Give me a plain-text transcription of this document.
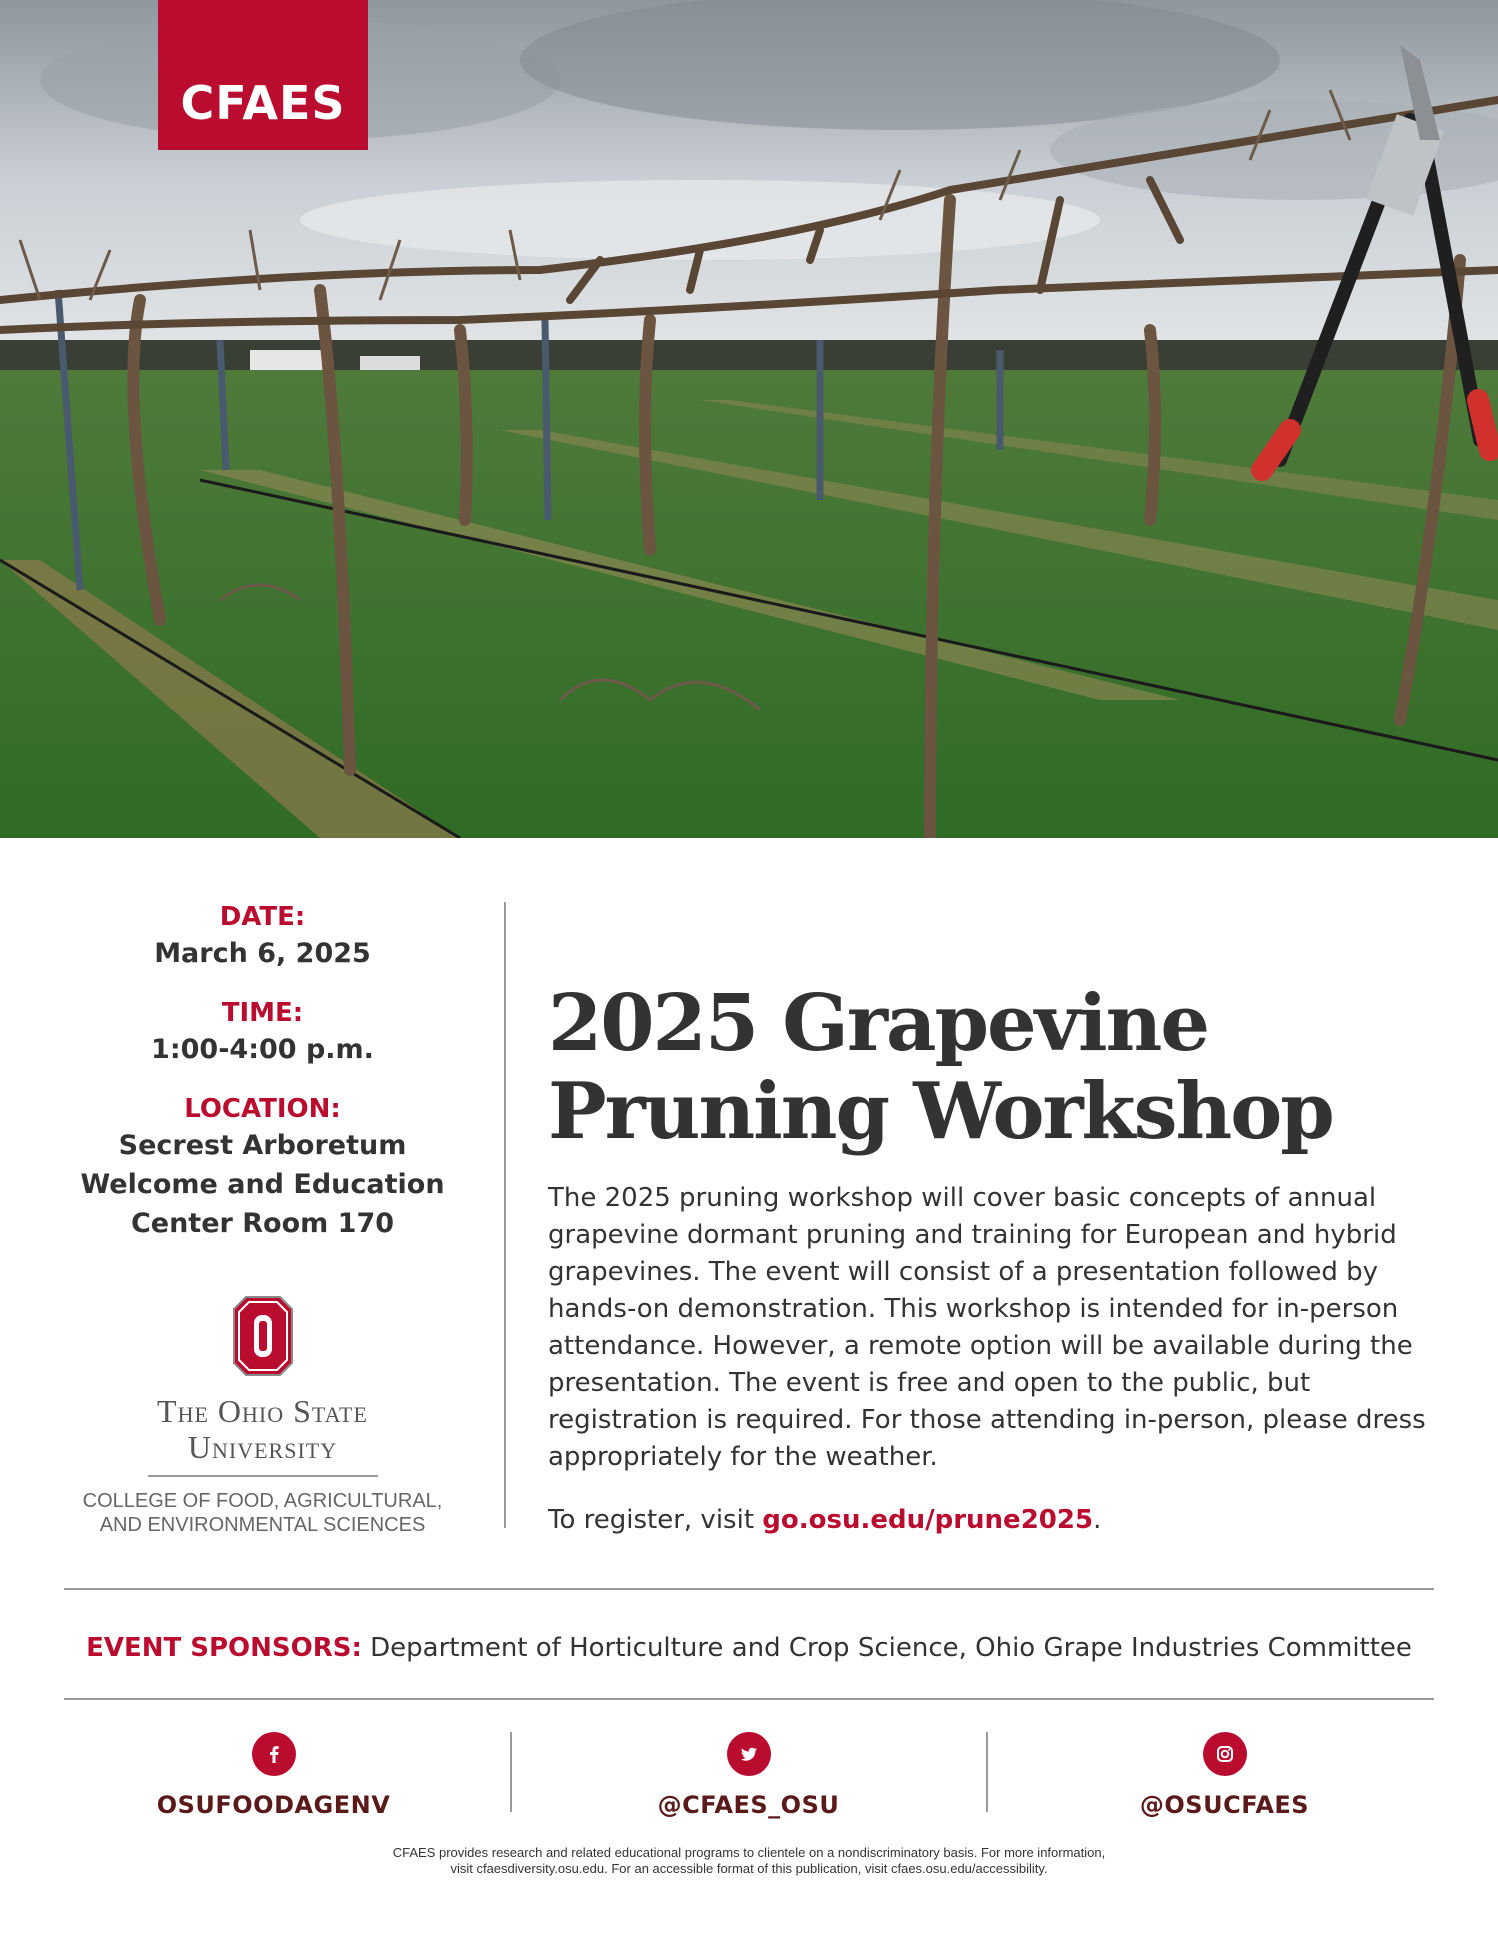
CFAES
DATE:
March 6, 2025
TIME:
1:00-4:00 p.m.
LOCATION:
Secrest Arboretum
Welcome and Education
Center Room 170
The Ohio State
University
COLLEGE OF FOOD, AGRICULTURAL,
AND ENVIRONMENTAL SCIENCES
2025 Grapevine
Pruning Workshop

The 2025 pruning workshop will cover basic concepts of annual grapevine dormant pruning and training for European and hybrid grapevines. The event will consist of a presentation followed by hands-on demonstration. This workshop is intended for in-person attendance. However, a remote option will be available during the presentation. The event is free and open to the public, but registration is required. For those attending in-person, please dress appropriately for the weather.

To register, visit go.osu.edu/prune2025.

EVENT SPONSORS: Department of Horticulture and Crop Science, Ohio Grape Industries Committee
OSUFOODAGENV	@CFAES_OSU	@OSUCFAES
CFAES provides research and related educational programs to clientele on a nondiscriminatory basis. For more information,
visit cfaesdiversity.osu.edu. For an accessible format of this publication, visit cfaes.osu.edu/accessibility.
